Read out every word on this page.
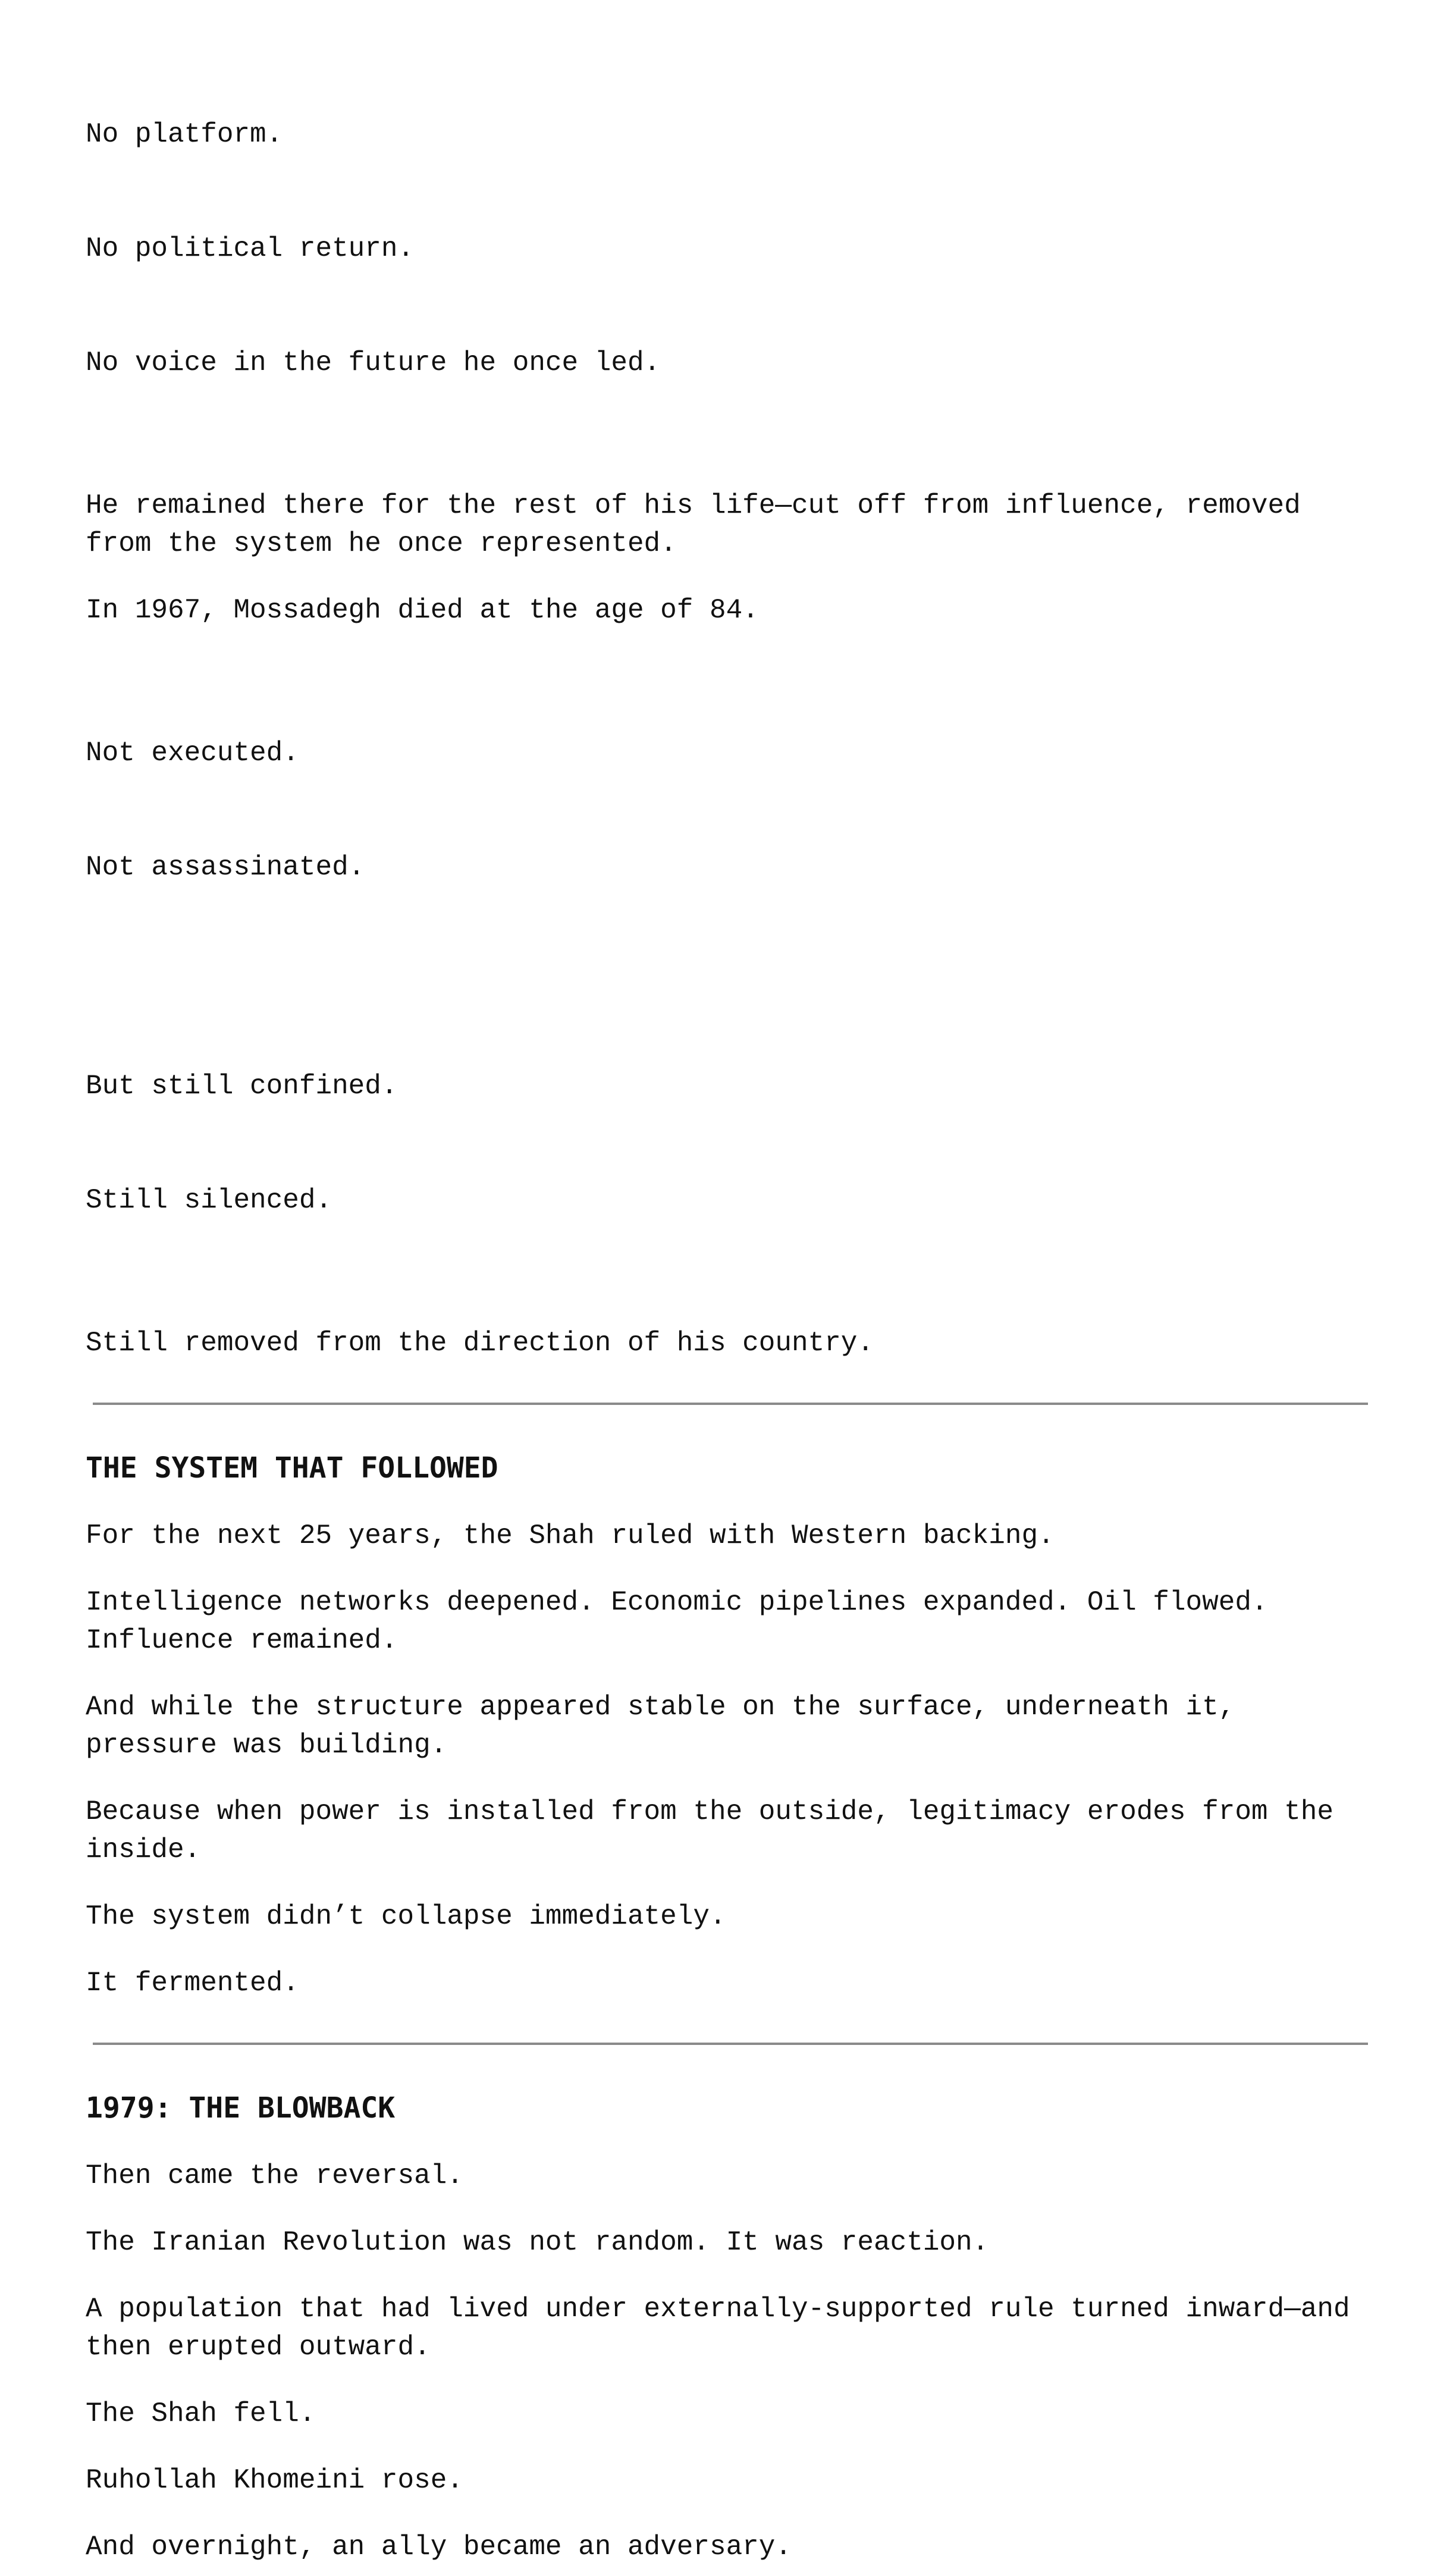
No platform.

No political return.

No voice in the future he once led.

He remained there for the rest of his life—cut off from influence, removed from the system he once represented.

In 1967, Mossadegh died at the age of 84.

Not executed.

Not assassinated.

But still confined.

Still silenced.

Still removed from the direction of his country.

THE SYSTEM THAT FOLLOWED

For the next 25 years, the Shah ruled with Western backing.

Intelligence networks deepened. Economic pipelines expanded. Oil flowed. Influence remained.

And while the structure appeared stable on the surface, underneath it, pressure was building.

Because when power is installed from the outside, legitimacy erodes from the inside.

The system didn’t collapse immediately.

It fermented.

1979: THE BLOWBACK

Then came the reversal.

The Iranian Revolution was not random. It was reaction.

A population that had lived under externally-supported rule turned inward—and then erupted outward.

The Shah fell.

Ruhollah Khomeini rose.

And overnight, an ally became an adversary.
